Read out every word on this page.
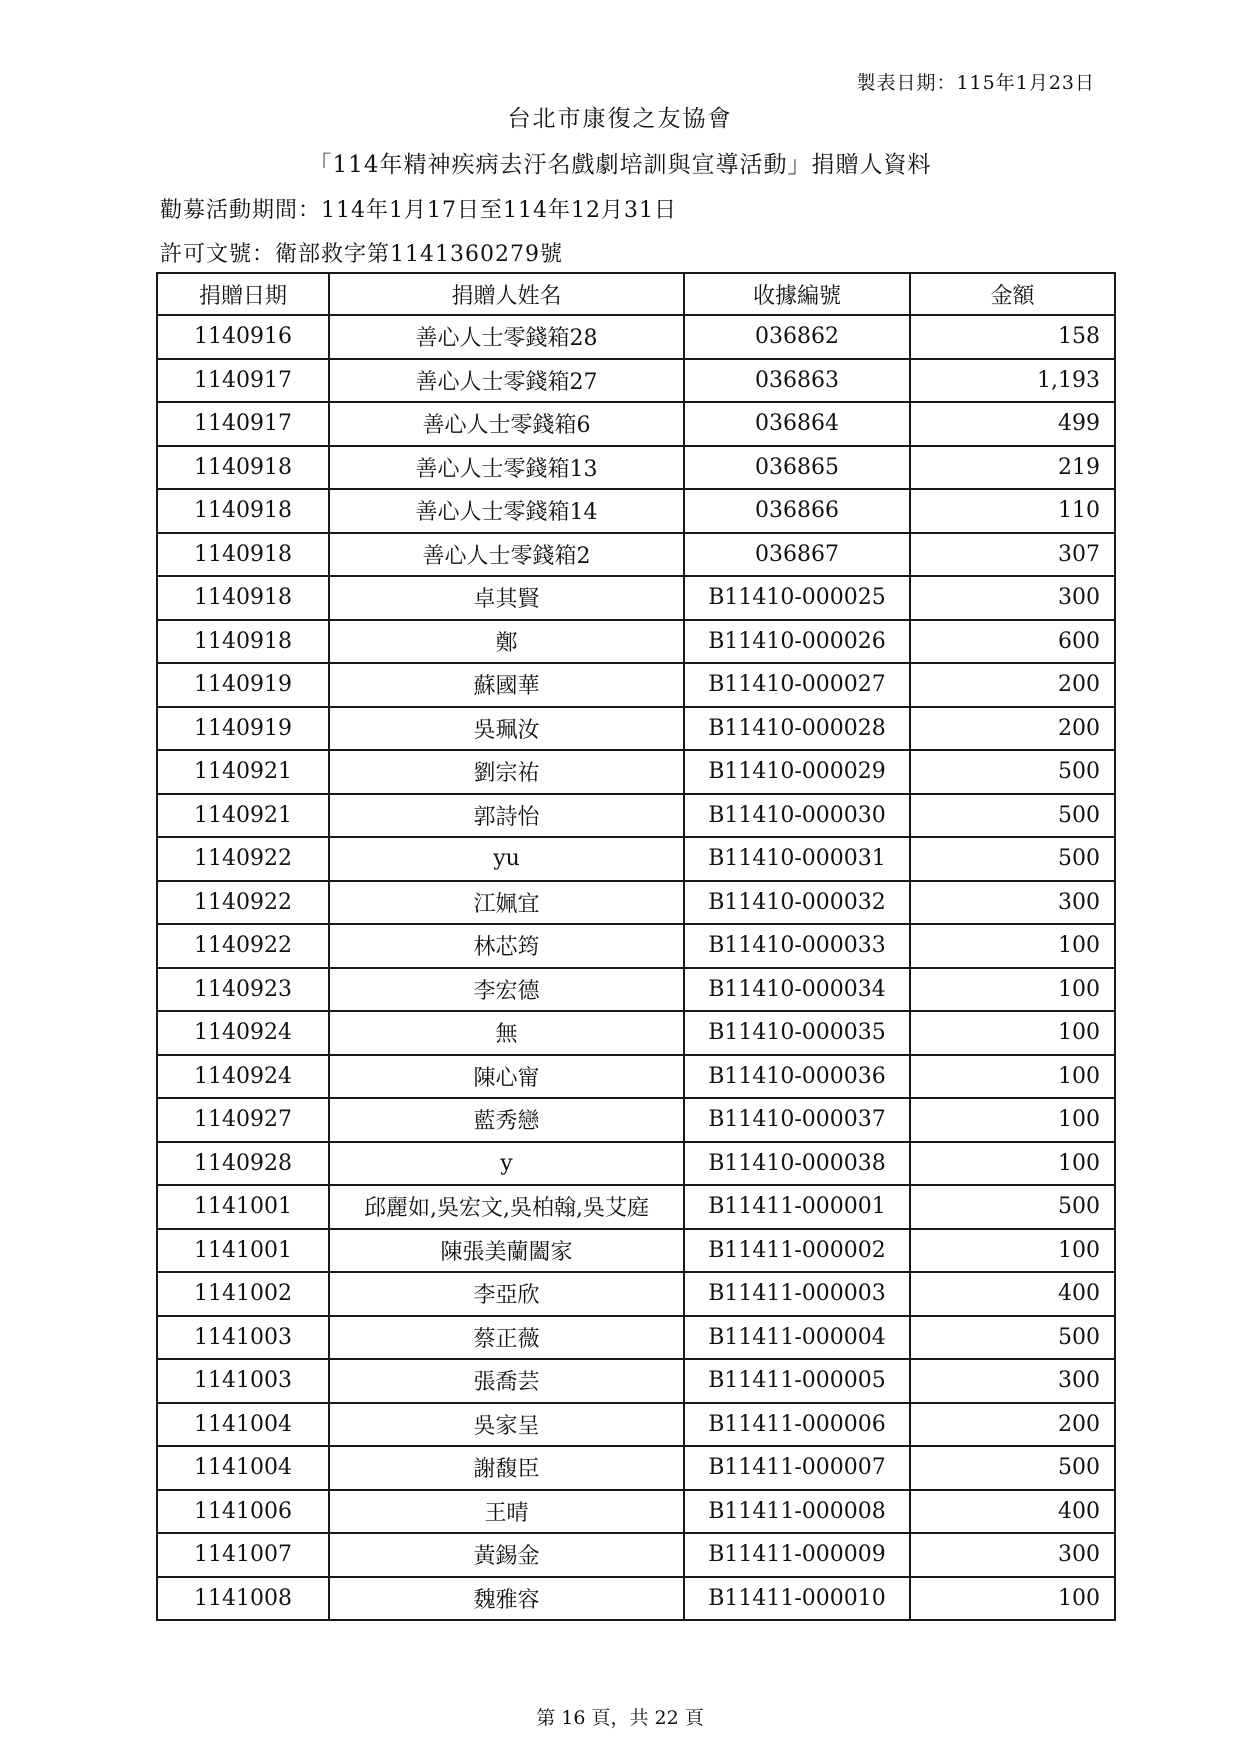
製表日期：115年1月23日
台北市康復之友協會
「114年精神疾病去汙名戲劇培訓與宣導活動」捐贈人資料
勸募活動期間：114年1月17日至114年12月31日
許可文號：衛部救字第1141360279號
捐贈日期	捐贈人姓名	收據編號	金額
1140916	善心人士零錢箱28	036862	158
1140917	善心人士零錢箱27	036863	1,193
1140917	善心人士零錢箱6	036864	499
1140918	善心人士零錢箱13	036865	219
1140918	善心人士零錢箱14	036866	110
1140918	善心人士零錢箱2	036867	307
1140918	卓其賢	B11410-000025	300
1140918	鄭	B11410-000026	600
1140919	蘇國華	B11410-000027	200
1140919	吳珮汝	B11410-000028	200
1140921	劉宗祐	B11410-000029	500
1140921	郭詩怡	B11410-000030	500
1140922	yu	B11410-000031	500
1140922	江姵宜	B11410-000032	300
1140922	林芯筠	B11410-000033	100
1140923	李宏德	B11410-000034	100
1140924	無	B11410-000035	100
1140924	陳心甯	B11410-000036	100
1140927	藍秀戀	B11410-000037	100
1140928	y	B11410-000038	100
1141001	邱麗如,吳宏文,吳柏翰,吳艾庭	B11411-000001	500
1141001	陳張美蘭闔家	B11411-000002	100
1141002	李亞欣	B11411-000003	400
1141003	蔡正薇	B11411-000004	500
1141003	張喬芸	B11411-000005	300
1141004	吳家呈	B11411-000006	200
1141004	謝馥臣	B11411-000007	500
1141006	王晴	B11411-000008	400
1141007	黃錫金	B11411-000009	300
1141008	魏雅容	B11411-000010	100
第 16 頁，共 22 頁
